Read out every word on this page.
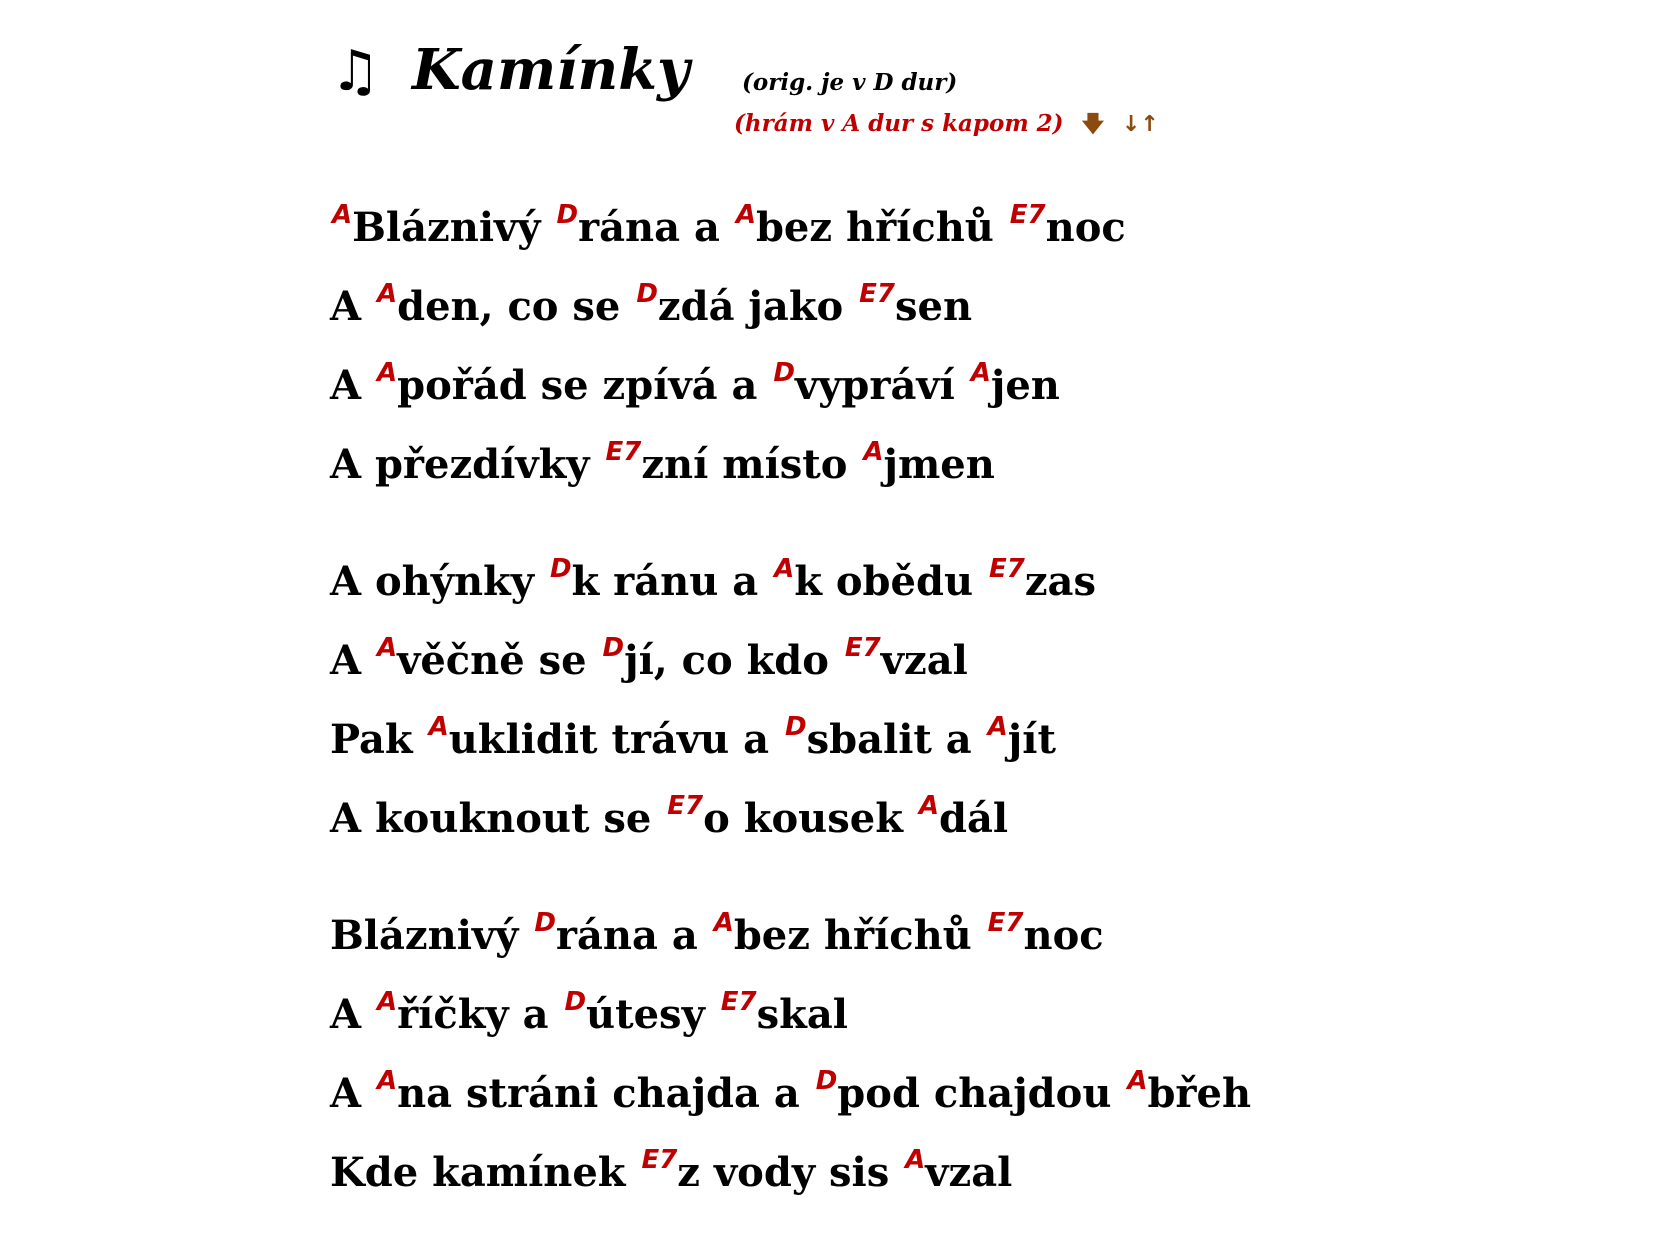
♫ Kamínky (orig. je v D dur)
(hrám v A dur s kapom 2) 🡇 ↓↑
$^A$Bláznivý $^D$rána a $^A$bez hříchů $^{E7}$noc
A $^A$den, co se $^D$zdá jako $^{E7}$sen
A $^A$pořád se zpívá a $^D$vypráví $^A$jen
A přezdívky $^{E7}$zní místo $^A$jmen
A ohýnky $^D$k ránu a $^A$k obědu $^{E7}$zas
A $^A$věčně se $^D$jí, co kdo $^{E7}$vzal
Pak $^A$uklidit trávu a $^D$sbalit a $^A$jít
A kouknout se $^{E7}$o kousek $^A$dál
Bláznivý $^D$rána a $^A$bez hříchů $^{E7}$noc
A $^A$říčky a $^D$útesy $^{E7}$skal
A $^A$na stráni chajda a $^D$pod chajdou $^A$břeh
Kde kamínek $^{E7}$z vody sis $^A$vzal
